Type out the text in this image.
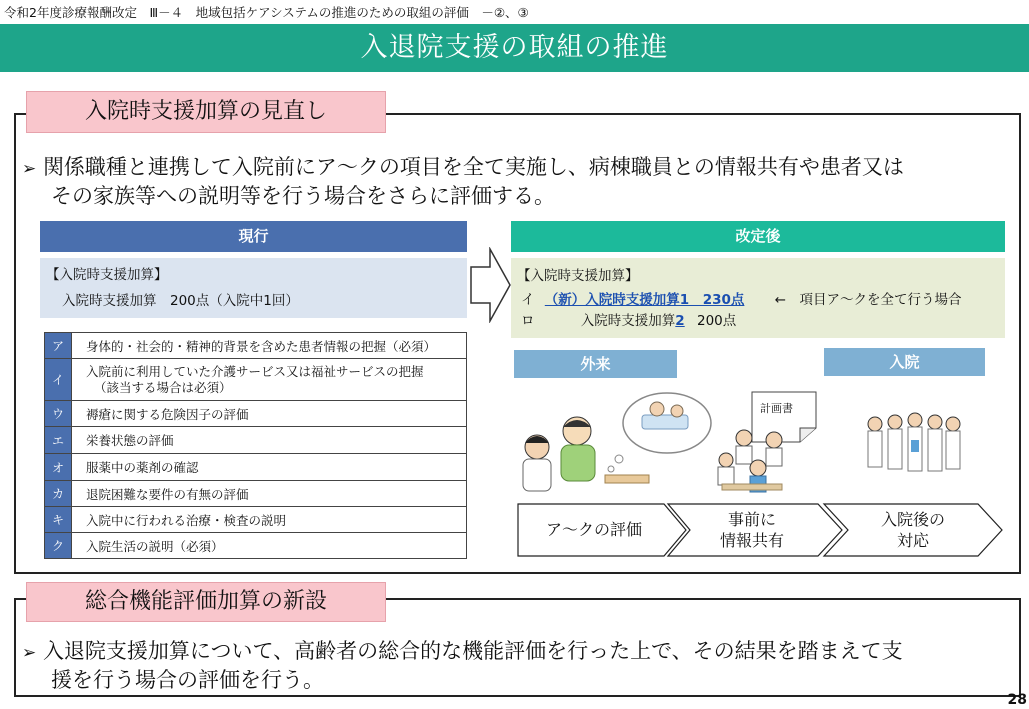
令和2年度診療報酬改定　Ⅲ－４　地域包括ケアシステムの推進のための取組の評価　－②、③
入退院支援の取組の推進
入院時支援加算の見直し
➢ 関係職種と連携して入院前にア～クの項目を全て実施し、病棟職員との情報共有や患者又は
その家族等への説明等を行う場合をさらに評価する。
現行
【入院時支援加算】
入院時支援加算　200点（入院中1回）
改定後
【入院時支援加算】
イ （新）入院時支援加算1　230点 ←　項目ア～クを全て行う場合
ロ	入院時支援加算2 200点
ア	身体的・社会的・精神的背景を含めた患者情報の把握（必須）
イ	入院前に利用していた介護サービス又は福祉サービスの把握
（該当する場合は必須）

ウ	褥瘡に関する危険因子の評価
エ	栄養状態の評価
オ	服薬中の薬剤の確認
カ	退院困難な要件の有無の評価
キ	入院中に行われる治療・検査の説明
ク	入院生活の説明（必須）
外来	入院
計画書
ア～クの評価
事前に
情報共有
入院後の
対応
総合機能評価加算の新設
➢ 入退院支援加算について、高齢者の総合的な機能評価を行った上で、その結果を踏まえて支
援を行う場合の評価を行う。
28
